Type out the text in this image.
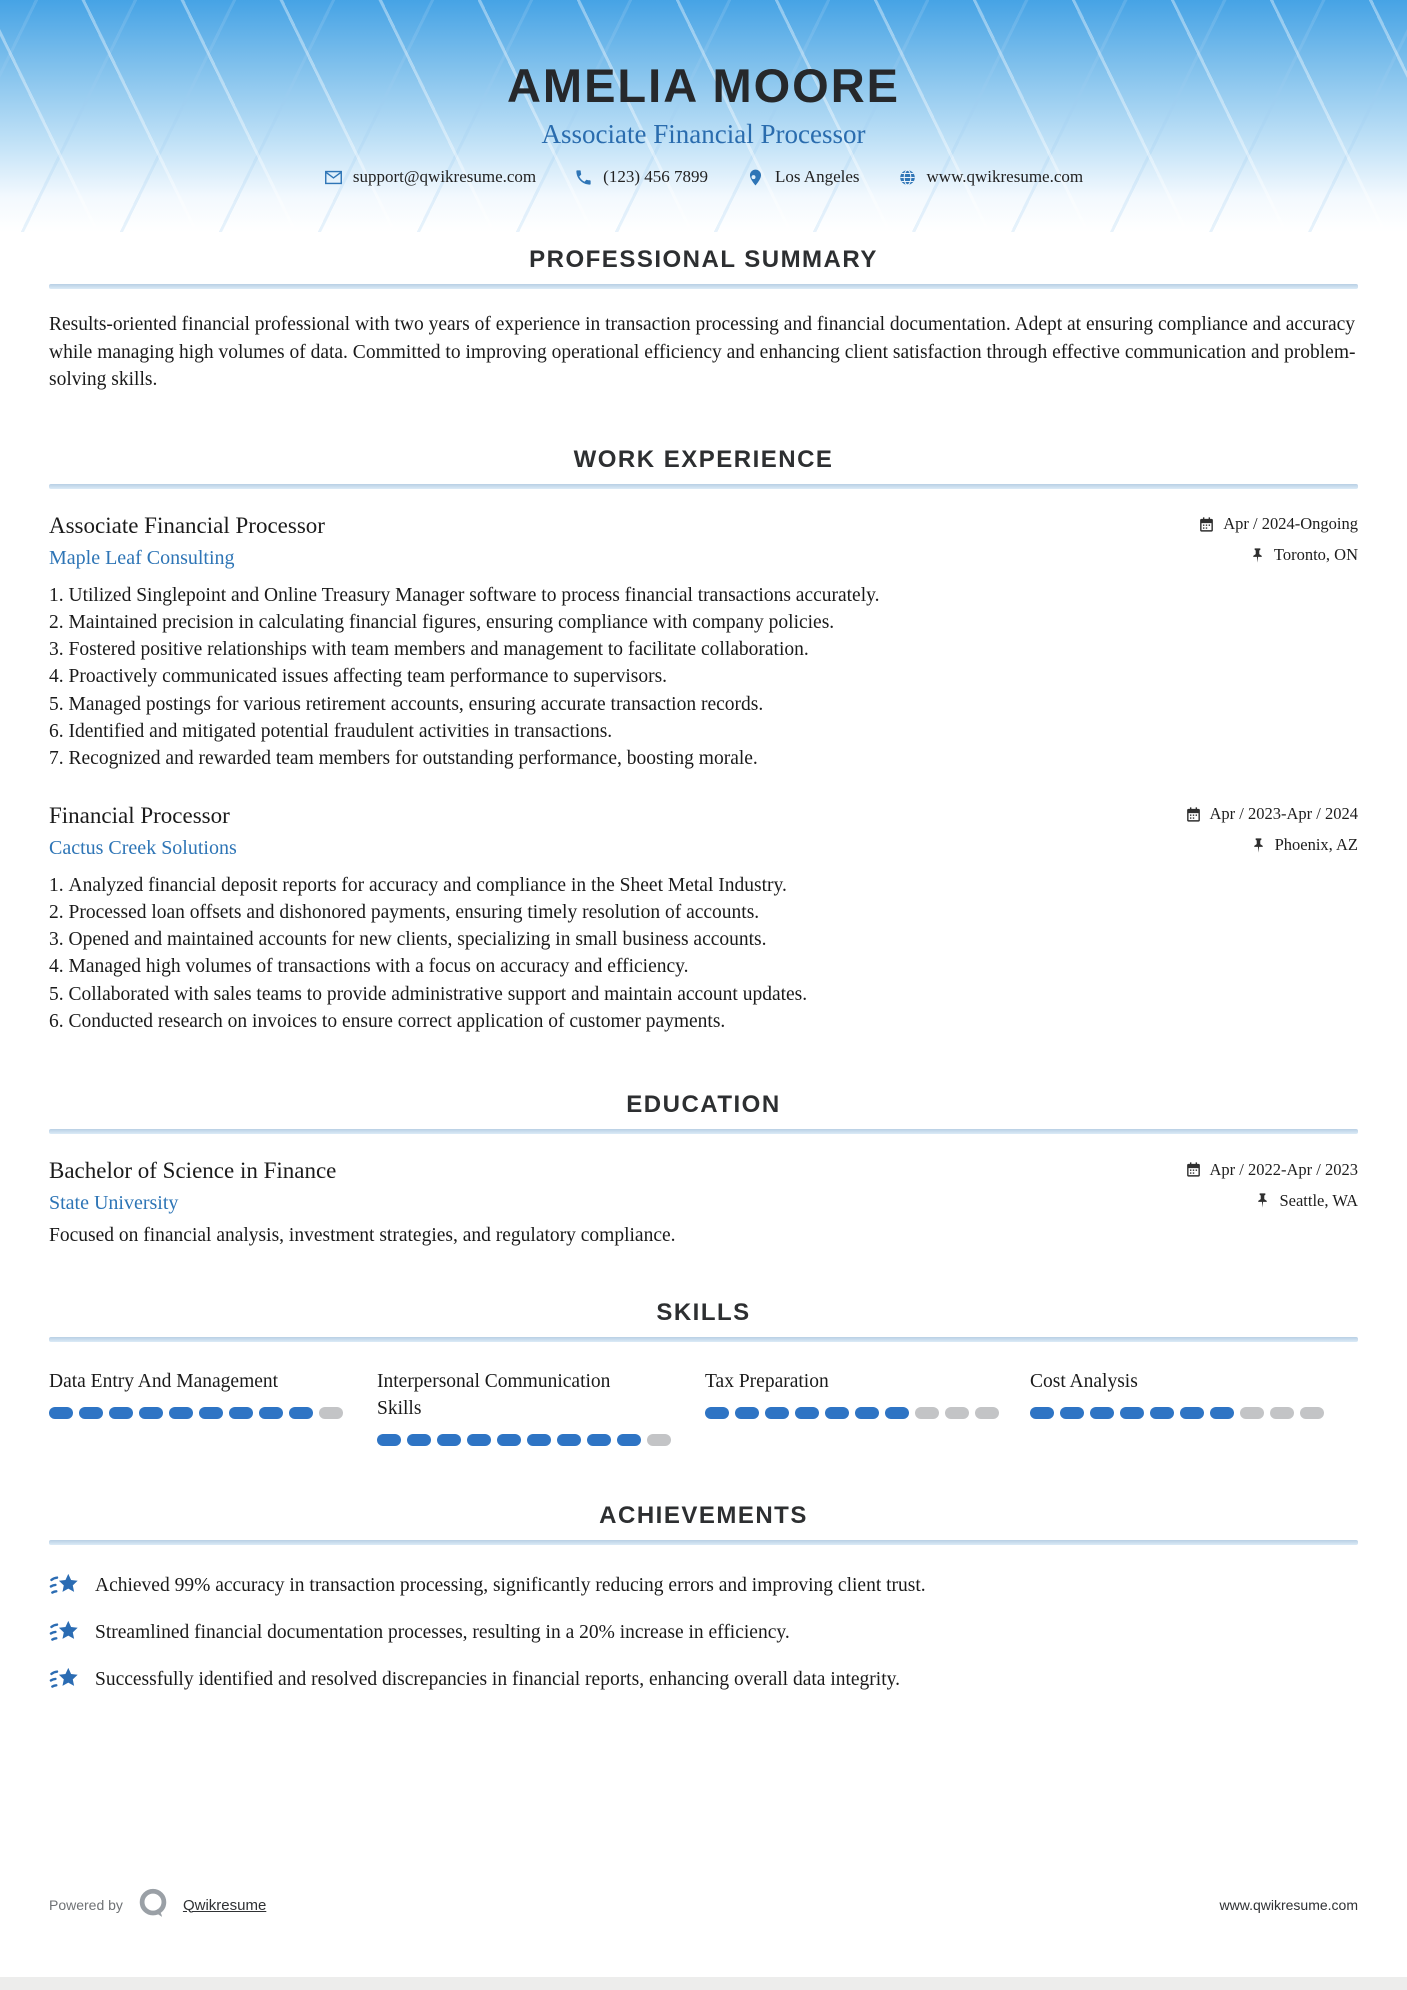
AMELIA MOORE
Associate Financial Processor
support@qwikresume.com	(123) 456 7899	Los Angeles	www.qwikresume.com
PROFESSIONAL SUMMARY

Results-oriented financial professional with two years of experience in transaction processing and financial documentation. Adept at ensuring compliance and accuracy while managing high volumes of data. Committed to improving operational efficiency and enhancing client satisfaction through effective communication and problem-solving skills.

WORK EXPERIENCE
Associate Financial Processor	Apr / 2024-Ongoing
Maple Leaf Consulting	Toronto, ON
1. Utilized Singlepoint and Online Treasury Manager software to process financial transactions accurately.
2. Maintained precision in calculating financial figures, ensuring compliance with company policies.
3. Fostered positive relationships with team members and management to facilitate collaboration.
4. Proactively communicated issues affecting team performance to supervisors.
5. Managed postings for various retirement accounts, ensuring accurate transaction records.
6. Identified and mitigated potential fraudulent activities in transactions.
7. Recognized and rewarded team members for outstanding performance, boosting morale.
Financial Processor	Apr / 2023-Apr / 2024
Cactus Creek Solutions	Phoenix, AZ
1. Analyzed financial deposit reports for accuracy and compliance in the Sheet Metal Industry.
2. Processed loan offsets and dishonored payments, ensuring timely resolution of accounts.
3. Opened and maintained accounts for new clients, specializing in small business accounts.
4. Managed high volumes of transactions with a focus on accuracy and efficiency.
5. Collaborated with sales teams to provide administrative support and maintain account updates.
6. Conducted research on invoices to ensure correct application of customer payments.
EDUCATION
Bachelor of Science in Finance	Apr / 2022-Apr / 2023
State University	Seattle, WA

Focused on financial analysis, investment strategies, and regulatory compliance.

SKILLS
Data Entry And Management	Interpersonal Communication Skills
Tax Preparation	Cost Analysis
ACHIEVEMENTS
Achieved 99% accuracy in transaction processing, significantly reducing errors and improving client trust.
Streamlined financial documentation processes, resulting in a 20% increase in efficiency.
Successfully identified and resolved discrepancies in financial reports, enhancing overall data integrity.
Powered by	Qwikresume	www.qwikresume.com
